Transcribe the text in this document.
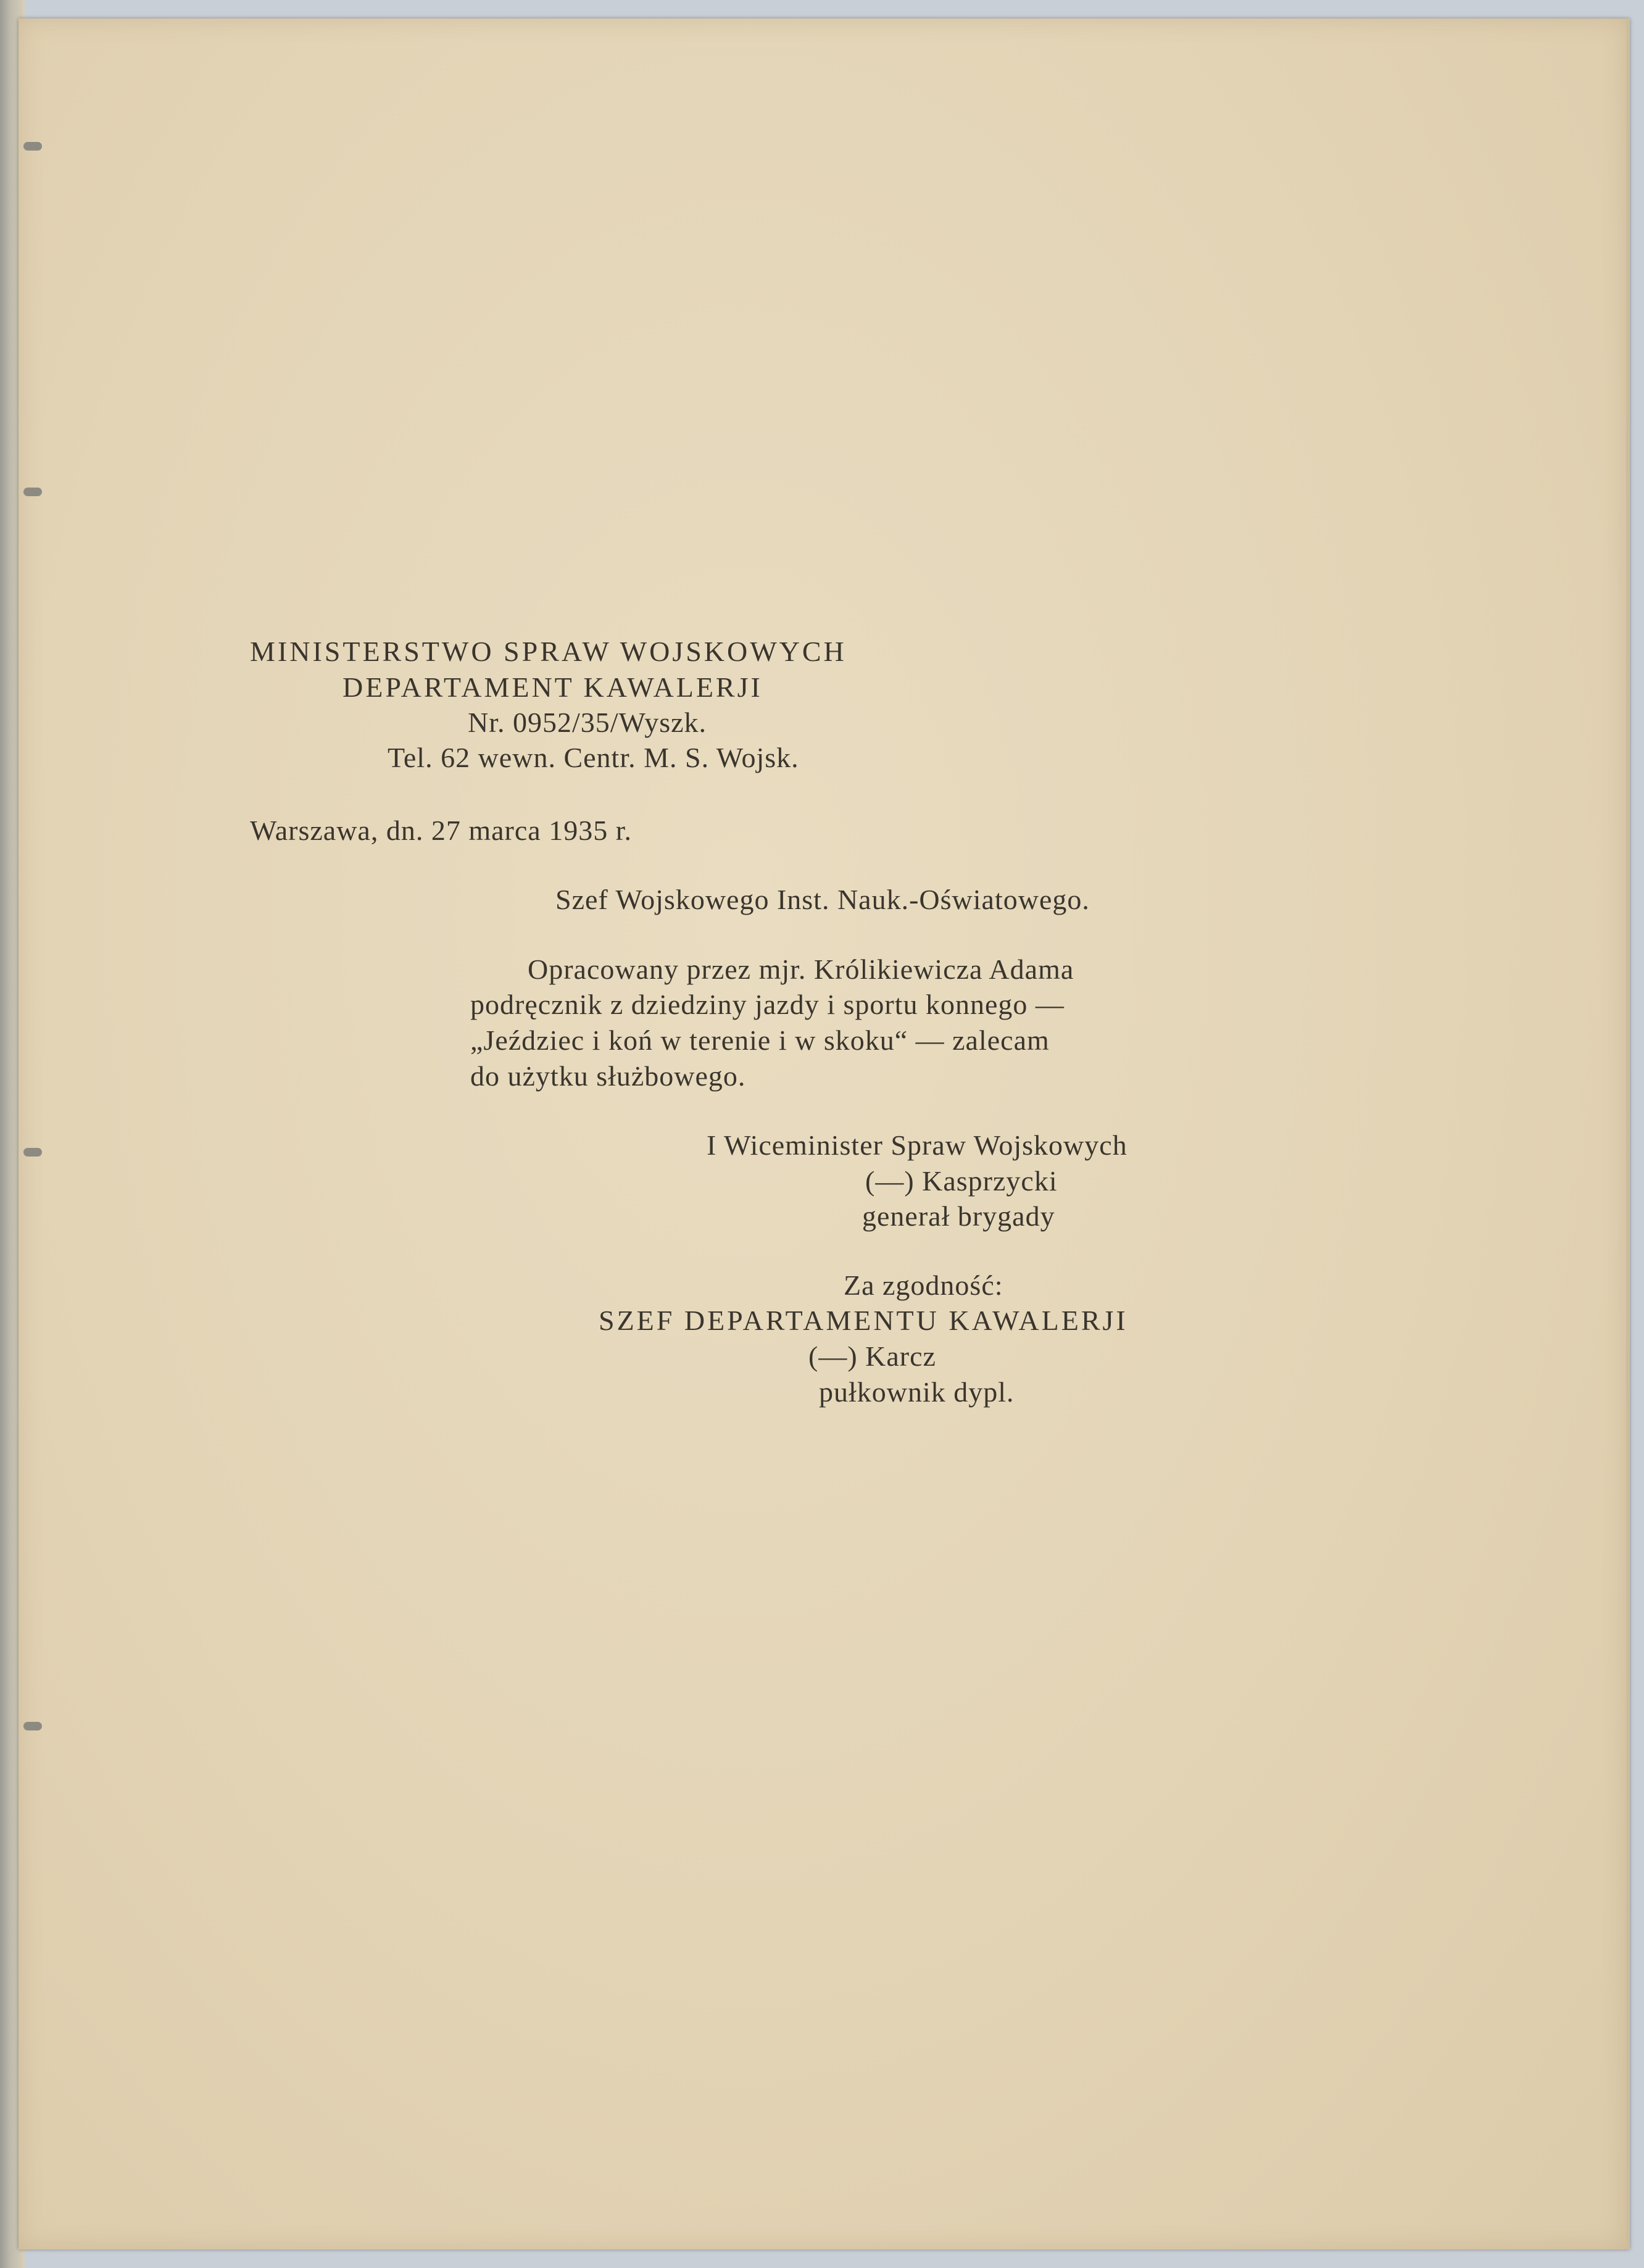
MINISTERSTWO SPRAW WOJSKOWYCH

DEPARTAMENT KAWALERJI

Nr. 0952/35/Wyszk.

Tel. 62 wewn. Centr. M. S. Wojsk.

Warszawa, dn. 27 marca 1935 r.

Szef Wojskowego Inst. Nauk.-Oświatowego.

Opracowany przez mjr. Królikiewicza Adama

podręcznik z dziedziny jazdy i sportu konnego —

„Jeździec i koń w terenie i w skoku“ — zalecam

do użytku służbowego.

I Wiceminister Spraw Wojskowych

(—) Kasprzycki

generał brygady

Za zgodność:

SZEF DEPARTAMENTU KAWALERJI

(—) Karcz

pułkownik dypl.
